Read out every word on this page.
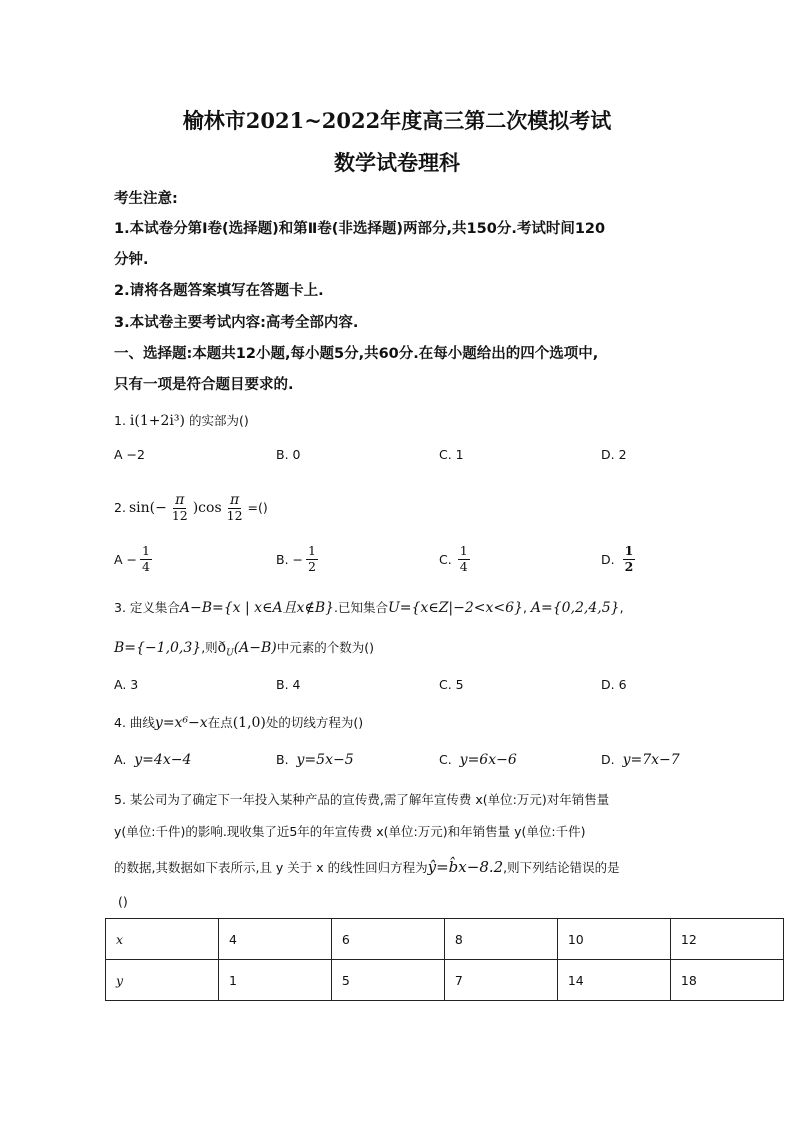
榆林市2021~2022年度高三第二次模拟考试
数学试卷理科
考生注意:
1.本试卷分第Ⅰ卷(选择题)和第Ⅱ卷(非选择题)两部分,共150分.考试时间120
分钟.
2.请将各题答案填写在答题卡上.
3.本试卷主要考试内容:高考全部内容.
一、选择题:本题共12小题,每小题5分,共60分.在每小题给出的四个选项中,
只有一项是符合题目要求的.
1. i(1+2i³) 的实部为()
A −2	B. 0	C. 1	D. 2
2. $\sin(- \frac{\pi}{12} )\cos \frac{\pi}{12}$ =()
$A - \frac{1}{4}$	B. − $\frac{1}{2}$	C. $\frac{1}{4}$	D. $\frac{1}{2}$
3. 定义集合A−B={x | x∈A且x∉B}.已知集合U={x∈Z|−2<x<6}, A={0,2,4,5},
B={−1,0,3},则$ð_U(A-B)$中元素的个数为()
A. 3	B. 4	C. 5	D. 6
4. 曲线y=x⁶−x在点(1,0)处的切线方程为()
A. y=4x−4	B. y=5x−5	C. y=6x−6	D. y=7x−7
5. 某公司为了确定下一年投入某种产品的宣传费,需了解年宣传费 x(单位:万元)对年销售量
y(单位:千件)的影响.现收集了近5年的年宣传费 x(单位:万元)和年销售量 y(单位:千件)
的数据,其数据如下表所示,且 y 关于 x 的线性回归方程为ŷ=b̂x−8.2,则下列结论错误的是
()
x	4	6	8	10	12
y	1	5	7	14	18
